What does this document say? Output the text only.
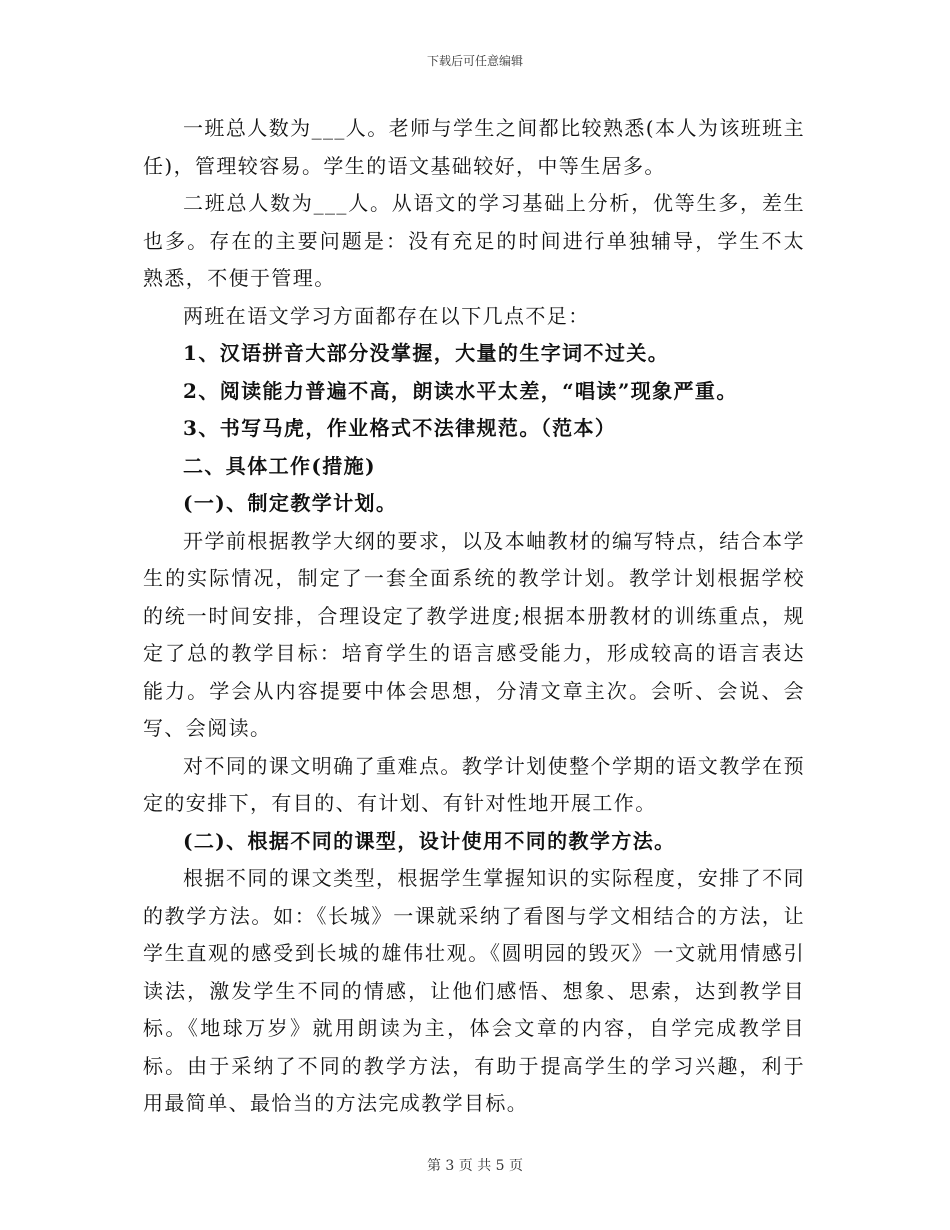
下载后可任意编辑

一班总人数为___人。老师与学生之间都比较熟悉(本人为该班班主任)，管理较容易。学生的语文基础较好，中等生居多。

二班总人数为___人。从语文的学习基础上分析，优等生多，差生也多。存在的主要问题是：没有充足的时间进行单独辅导，学生不太熟悉，不便于管理。

两班在语文学习方面都存在以下几点不足：

1、汉语拼音大部分没掌握，大量的生字词不过关。

2、阅读能力普遍不高，朗读水平太差，“唱读”现象严重。

3、书写马虎，作业格式不法律规范。（范本）

二、具体工作(措施)

(一)、制定教学计划。

开学前根据教学大纲的要求，以及本岫教材的编写特点，结合本学生的实际情况，制定了一套全面系统的教学计划。教学计划根据学校的统一时间安排，合理设定了教学进度;根据本册教材的训练重点，规定了总的教学目标：培育学生的语言感受能力，形成较高的语言表达能力。学会从内容提要中体会思想，分清文章主次。会听、会说、会写、会阅读。

对不同的课文明确了重难点。教学计划使整个学期的语文教学在预定的安排下，有目的、有计划、有针对性地开展工作。

(二)、根据不同的课型，设计使用不同的教学方法。

根据不同的课文类型，根据学生掌握知识的实际程度，安排了不同的教学方法。如：《长城》一课就采纳了看图与学文相结合的方法，让学生直观的感受到长城的雄伟壮观。《圆明园的毁灭》一文就用情感引读法，激发学生不同的情感，让他们感悟、想象、思索，达到教学目标。《地球万岁》就用朗读为主，体会文章的内容，自学完成教学目标。由于采纳了不同的教学方法，有助于提高学生的学习兴趣，利于用最简单、最恰当的方法完成教学目标。

第 3 页 共 5 页
